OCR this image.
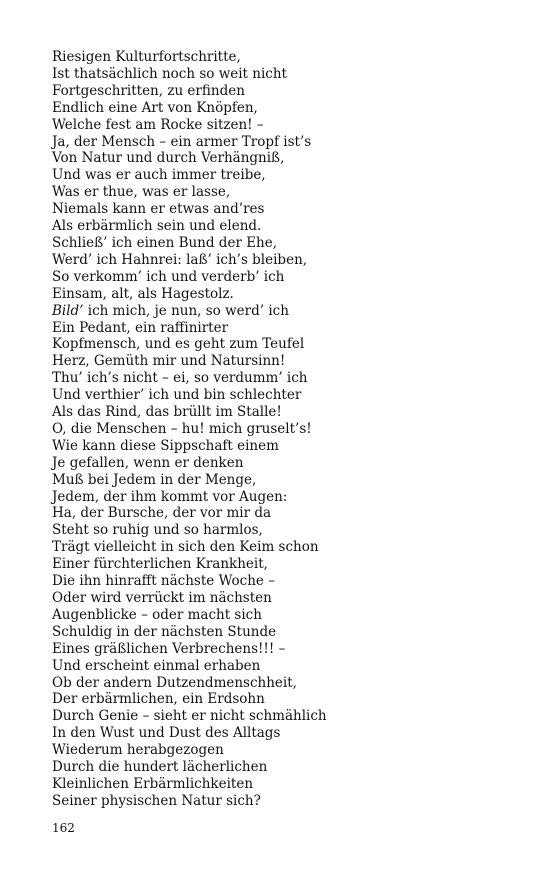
Riesigen Kulturfortschritte,
Ist thatsächlich noch so weit nicht
Fortgeschritten, zu erfinden
Endlich eine Art von Knöpfen,
Welche fest am Rocke sitzen! –
Ja, der Mensch – ein armer Tropf ist’s
Von Natur und durch Verhängniß,
Und was er auch immer treibe,
Was er thue, was er lasse,
Niemals kann er etwas and’res
Als erbärmlich sein und elend.
Schließ’ ich einen Bund der Ehe,
Werd’ ich Hahnrei: laß’ ich’s bleiben,
So verkomm’ ich und verderb’ ich
Einsam, alt, als Hagestolz.
Bild’ ich mich, je nun, so werd’ ich
Ein Pedant, ein raffinirter
Kopfmensch, und es geht zum Teufel
Herz, Gemüth mir und Natursinn!
Thu’ ich’s nicht – ei, so verdumm’ ich
Und verthier’ ich und bin schlechter
Als das Rind, das brüllt im Stalle!
O, die Menschen – hu! mich gruselt’s!
Wie kann diese Sippschaft einem
Je gefallen, wenn er denken
Muß bei Jedem in der Menge,
Jedem, der ihm kommt vor Augen:
Ha, der Bursche, der vor mir da
Steht so ruhig und so harmlos,
Trägt vielleicht in sich den Keim schon
Einer fürchterlichen Krankheit,
Die ihn hinrafft nächste Woche –
Oder wird verrückt im nächsten
Augenblicke – oder macht sich
Schuldig in der nächsten Stunde
Eines gräßlichen Verbrechens!!! –
Und erscheint einmal erhaben
Ob der andern Dutzendmenschheit,
Der erbärmlichen, ein Erdsohn
Durch Genie – sieht er nicht schmählich
In den Wust und Dust des Alltags
Wiederum herabgezogen
Durch die hundert lächerlichen
Kleinlichen Erbärmlichkeiten
Seiner physischen Natur sich?
162
